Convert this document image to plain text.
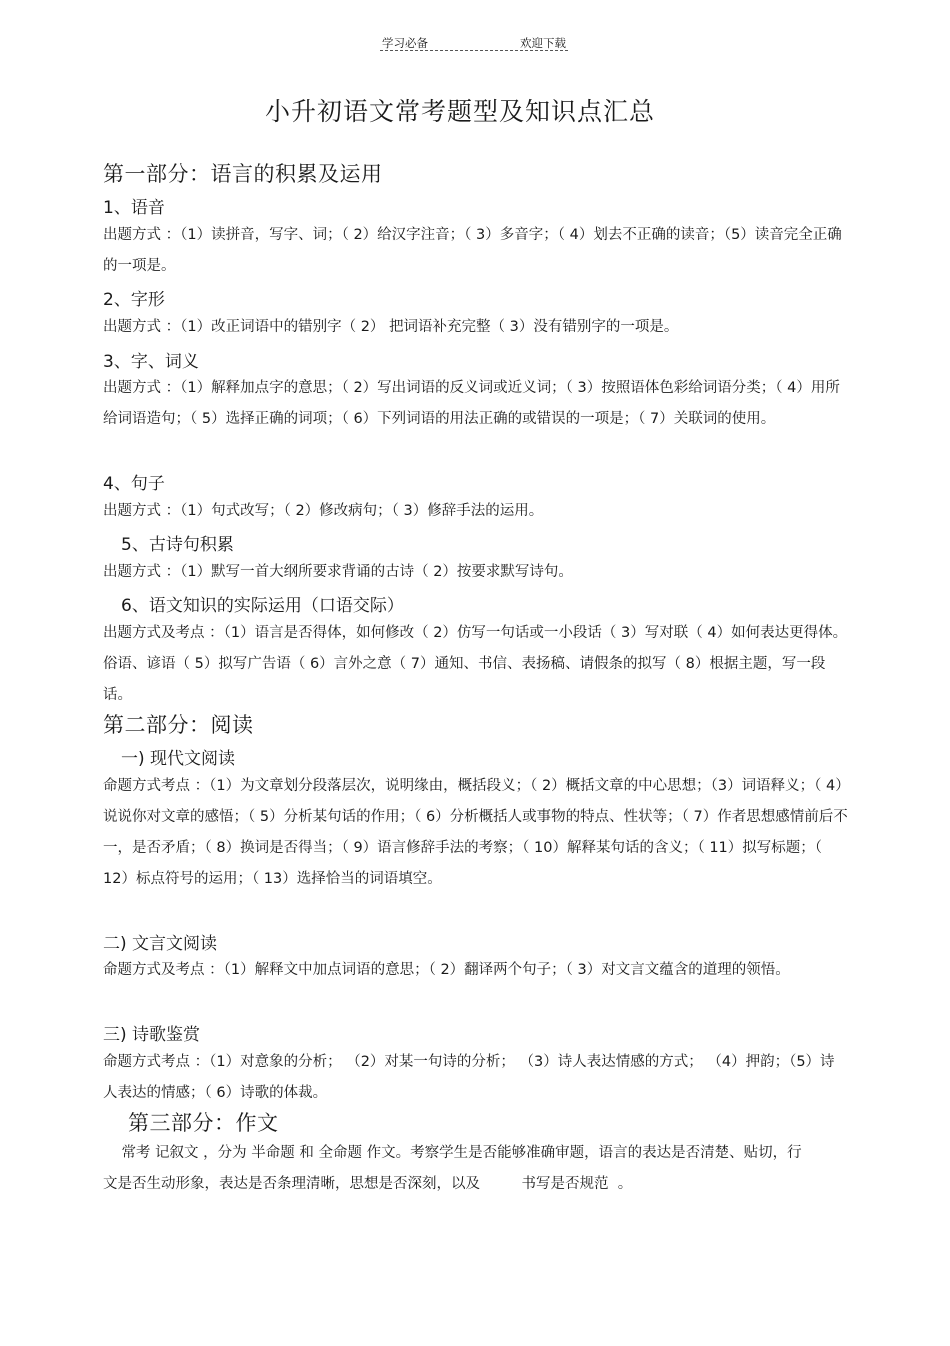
学习必备	欢迎下载
小升初语文常考题型及知识点汇总
第一部分：语言的积累及运用
1、语音
出题方式 ：（1）读拼音，写字、词；（ 2）给汉字注音；（ 3）多音字；（ 4）划去不正确的读音；（5）读音完全正确的一项是。
2、字形
出题方式 ：（1）改正词语中的错别字（ 2） 把词语补充完整（ 3）没有错别字的一项是。
3、字、词义
出题方式 ：（1）解释加点字的意思；（ 2）写出词语的反义词或近义词；（ 3）按照语体色彩给词语分类；（ 4）用所给词语造句；（ 5）选择正确的词项；（ 6）下列词语的用法正确的或错误的一项是；（ 7）关联词的使用。
4、句子
出题方式 ：（1）句式改写；（ 2）修改病句；（ 3）修辞手法的运用。
5、古诗句积累
出题方式 ：（1）默写一首大纲所要求背诵的古诗（ 2）按要求默写诗句。
6、语文知识的实际运用（口语交际）
出题方式及考点 ：（1）语言是否得体，如何修改（ 2）仿写一句话或一小段话（ 3）写对联（ 4）如何表达更得体。俗语、谚语（ 5）拟写广告语（ 6）言外之意（ 7）通知、书信、表扬稿、请假条的拟写（ 8）根据主题，写一段话。
第二部分：阅读
一) 现代文阅读
命题方式考点 ：（1）为文章划分段落层次，说明缘由，概括段义；（ 2）概括文章的中心思想；（3）词语释义；（ 4）说说你对文章的感悟；（ 5）分析某句话的作用；（ 6）分析概括人或事物的特点、性状等；（ 7）作者思想感情前后不一，是否矛盾；（ 8）换词是否得当；（ 9）语言修辞手法的考察；（ 10）解释某句话的含义；（ 11）拟写标题；（ 12）标点符号的运用；（ 13）选择恰当的词语填空。
二) 文言文阅读
命题方式及考点 ：（1）解释文中加点词语的意思；（ 2）翻译两个句子；（ 3）对文言文蕴含的道理的领悟。
三) 诗歌鉴赏
命题方式考点 ：（1）对意象的分析； （2）对某一句诗的分析； （3）诗人表达情感的方式； （4）押韵；（5）诗人表达的情感；（ 6）诗歌的体裁。
第三部分：作文
常考 记叙文 ，分为 半命题 和 全命题 作文。考察学生是否能够准确审题，语言的表达是否清楚、贴切，行文是否生动形象，表达是否条理清晰，思想是否深刻，以及         书写是否规范  。
